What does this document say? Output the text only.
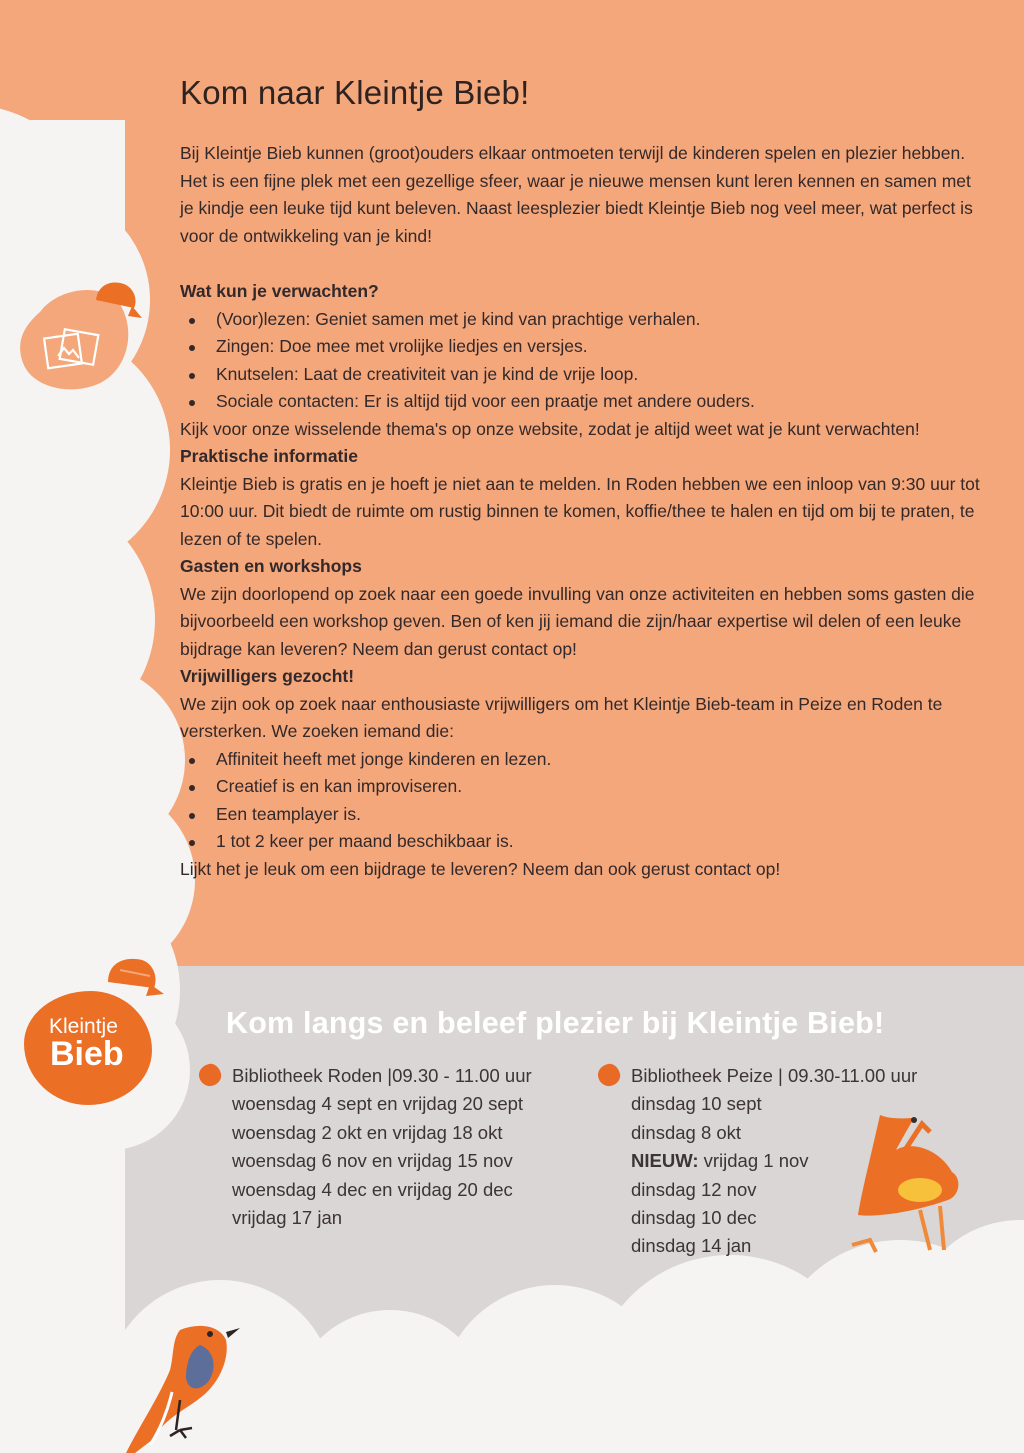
Kom naar Kleintje Bieb!

Bij Kleintje Bieb kunnen (groot)ouders elkaar ontmoeten terwijl de kinderen spelen en plezier hebben. Het is een fijne plek met een gezellige sfeer, waar je nieuwe mensen kunt leren kennen en samen met je kindje een leuke tijd kunt beleven. Naast leesplezier biedt Kleintje Bieb nog veel meer, wat perfect is voor de ontwikkeling van je kind!

Wat kun je verwachten?
(Voor)lezen: Geniet samen met je kind van prachtige verhalen.
Zingen: Doe mee met vrolijke liedjes en versjes.
Knutselen: Laat de creativiteit van je kind de vrije loop.
Sociale contacten: Er is altijd tijd voor een praatje met andere ouders.

Kijk voor onze wisselende thema's op onze website, zodat je altijd weet wat je kunt verwachten!

Praktische informatie

Kleintje Bieb is gratis en je hoeft je niet aan te melden. In Roden hebben we een inloop van 9:30 uur tot 10:00 uur. Dit biedt de ruimte om rustig binnen te komen, koffie/thee te halen en tijd om bij te praten, te lezen of te spelen.

Gasten en workshops

We zijn doorlopend op zoek naar een goede invulling van onze activiteiten en hebben soms gasten die bijvoorbeeld een workshop geven. Ben of ken jij iemand die zijn/haar expertise wil delen of een leuke bijdrage kan leveren? Neem dan gerust contact op!

Vrijwilligers gezocht!

We zijn ook op zoek naar enthousiaste vrijwilligers om het Kleintje Bieb-team in Peize en Roden te versterken. We zoeken iemand die:

Affiniteit heeft met jonge kinderen en lezen.
Creatief is en kan improviseren.
Een teamplayer is.
1 tot 2 keer per maand beschikbaar is.

Lijkt het je leuk om een bijdrage te leveren? Neem dan ook gerust contact op!

Kleintje
Bieb
Kom langs en beleef plezier bij Kleintje Bieb!
Bibliotheek Roden |09.30 - 11.00 uur
woensdag 4 sept en vrijdag 20 sept
woensdag 2 okt en vrijdag 18 okt
woensdag 6 nov en vrijdag 15 nov
woensdag 4 dec en vrijdag 20 dec
vrijdag 17 jan
Bibliotheek Peize | 09.30-11.00 uur
dinsdag 10 sept
dinsdag 8 okt
NIEUW: vrijdag 1 nov
dinsdag 12 nov
dinsdag 10 dec
dinsdag 14 jan
